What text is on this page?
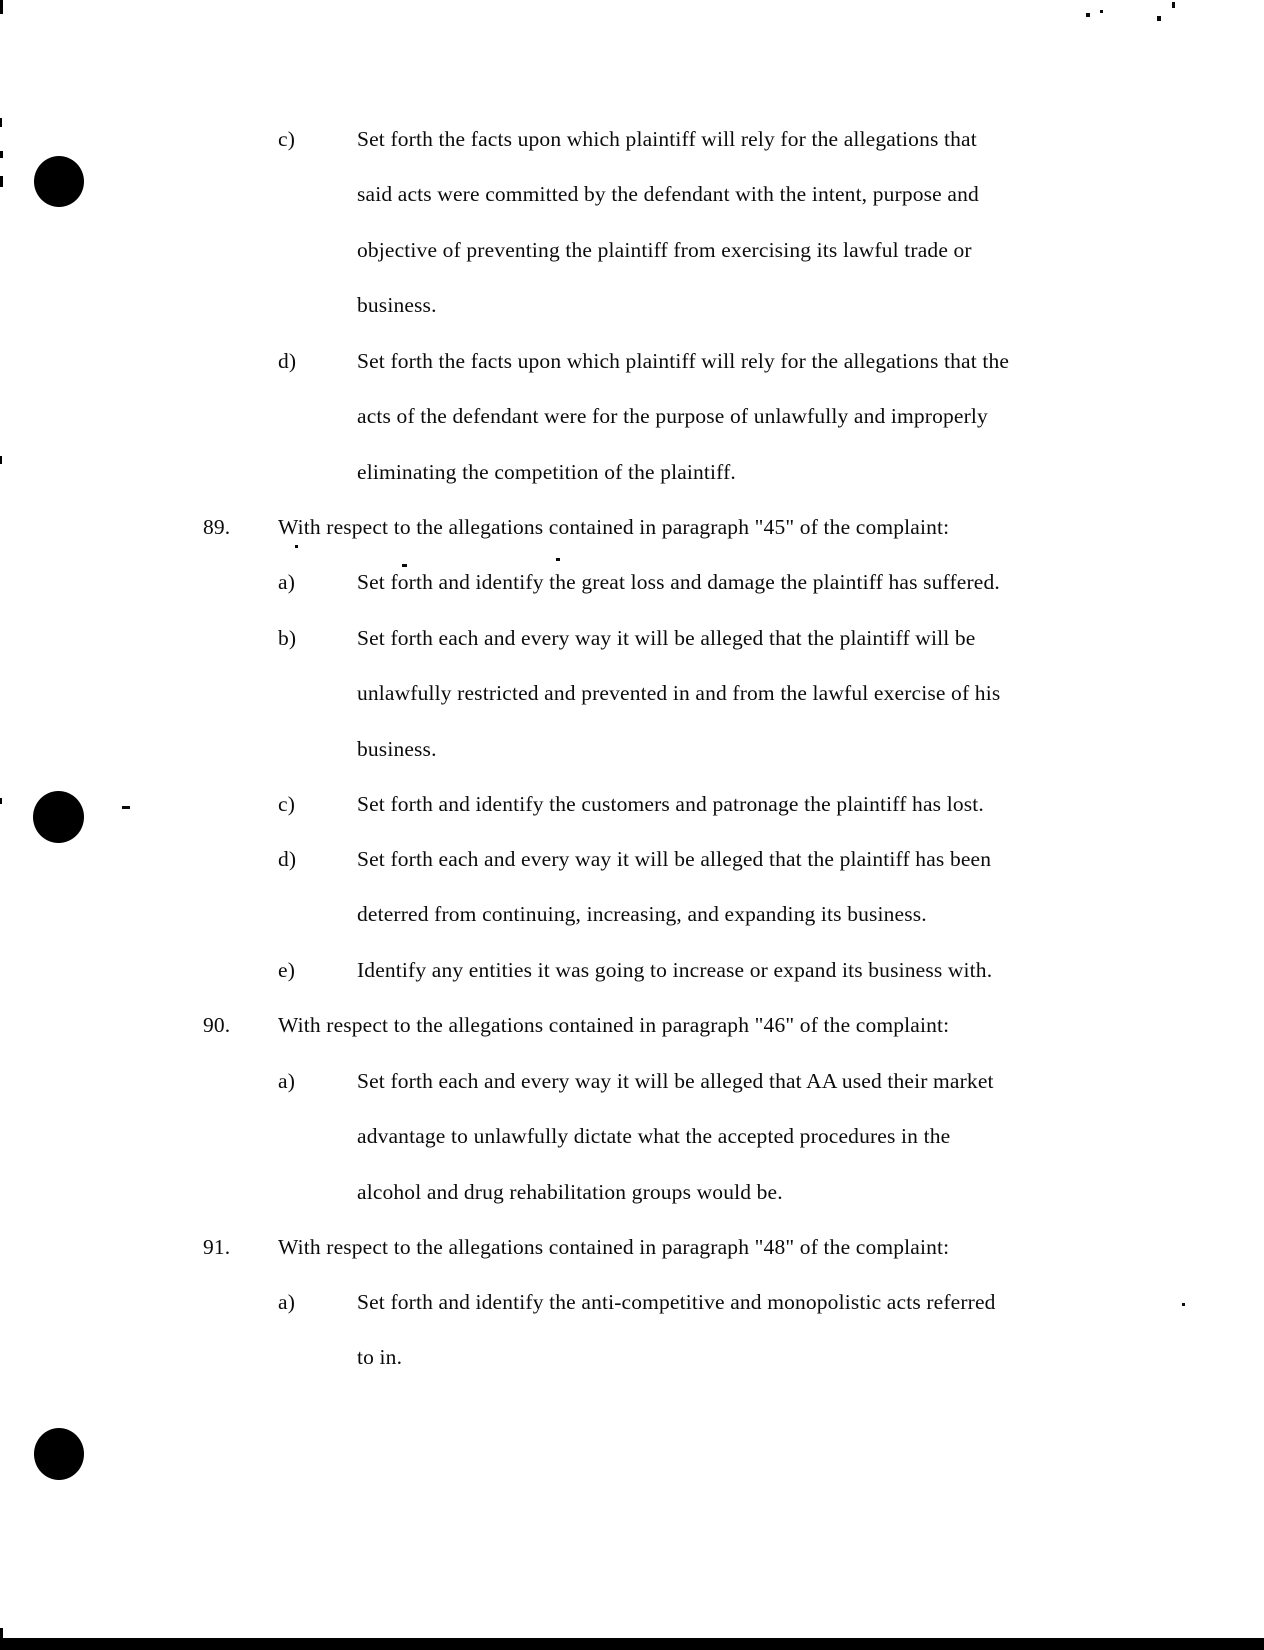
c)	Set forth the facts upon which plaintiff will rely for the allegations that
said acts were committed by the defendant with the intent, purpose and
objective of preventing the plaintiff from exercising its lawful trade or
business.
d)	Set forth the facts upon which plaintiff will rely for the allegations that the
acts of the defendant were for the purpose of unlawfully and improperly
eliminating the competition of the plaintiff.
89. With respect to the allegations contained in paragraph "45" of the complaint:
a)	Set forth and identify the great loss and damage the plaintiff has suffered.
b)	Set forth each and every way it will be alleged that the plaintiff will be
unlawfully restricted and prevented in and from the lawful exercise of his
business.
c)	Set forth and identify the customers and patronage the plaintiff has lost.
d)	Set forth each and every way it will be alleged that the plaintiff has been
deterred from continuing, increasing, and expanding its business.
e)	Identify any entities it was going to increase or expand its business with.
90. With respect to the allegations contained in paragraph "46" of the complaint:
a)	Set forth each and every way it will be alleged that AA used their market
advantage to unlawfully dictate what the accepted procedures in the
alcohol and drug rehabilitation groups would be.
91. With respect to the allegations contained in paragraph "48" of the complaint:
a)	Set forth and identify the anti-competitive and monopolistic acts referred
to in.
